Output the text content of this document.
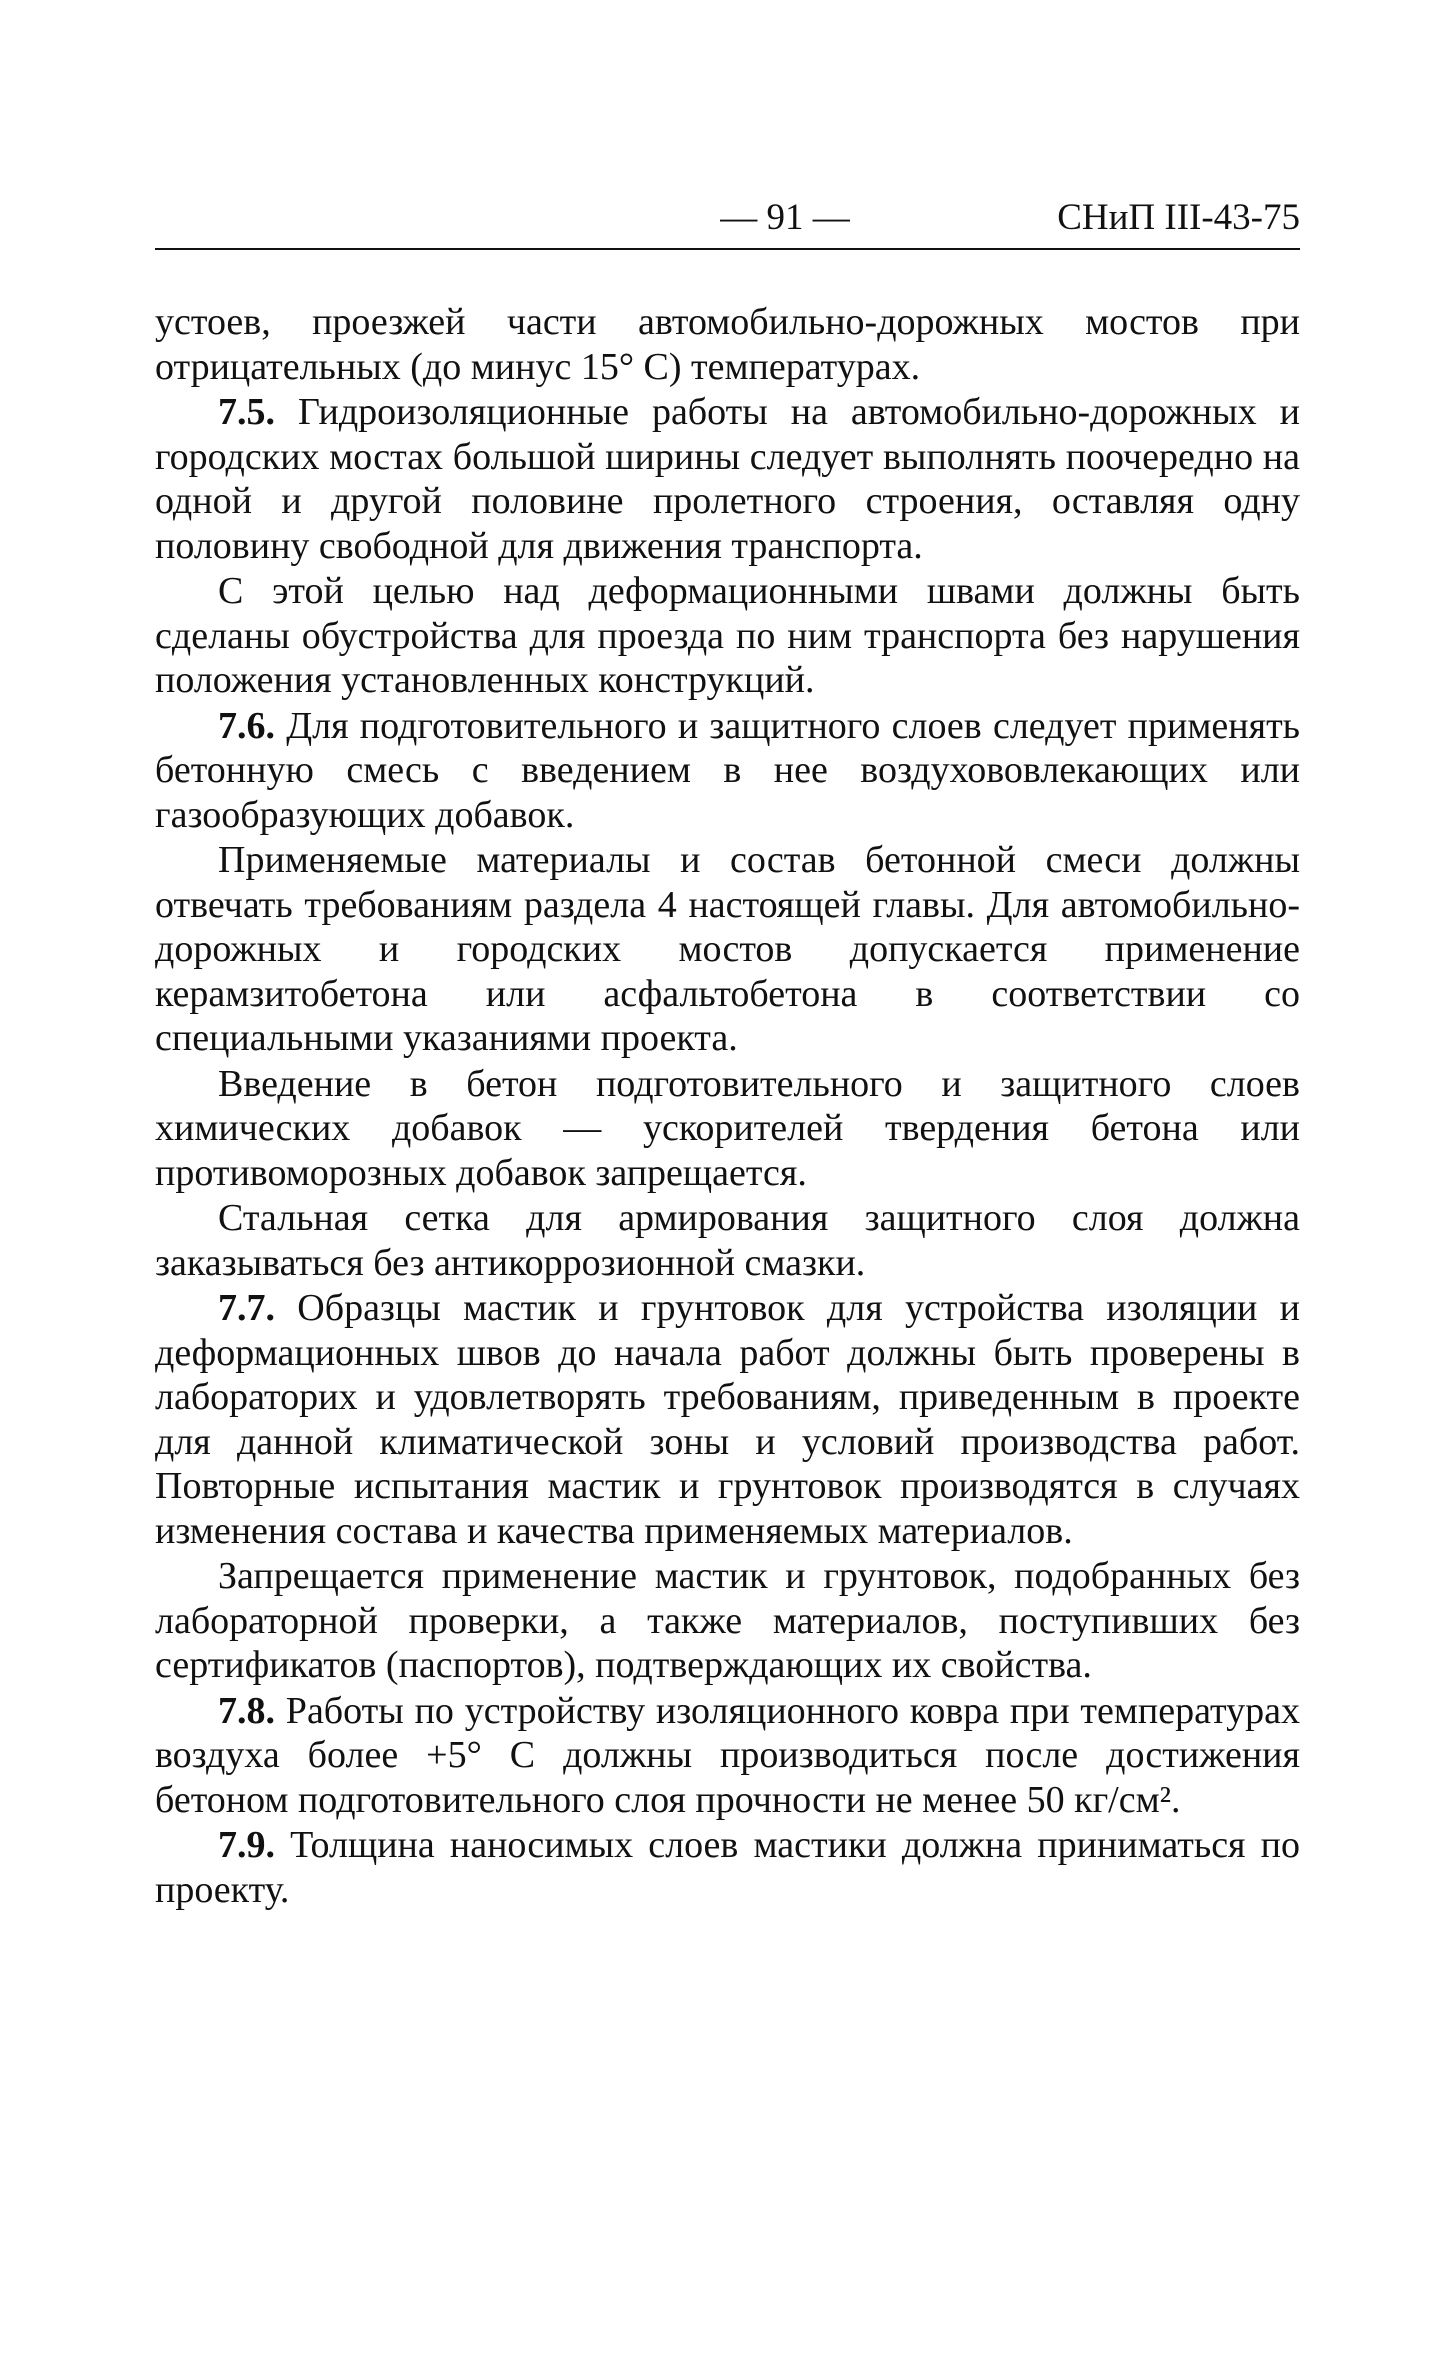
— 91 —	СНиП III-43-75

устоев, проезжей части автомобильно-дорожных мостов при отрицательных (до минус 15° С) температурах.

7.5. Гидроизоляционные работы на автомобильно-дорожных и городских мостах большой ширины следует выполнять поочередно на одной и другой половине пролетного строения, оставляя одну половину свободной для движения транспорта.

С этой целью над деформационными швами должны быть сделаны обустройства для проезда по ним транспорта без нарушения положения установленных конструкций.

7.6. Для подготовительного и защитного слоев следует применять бетонную смесь с введением в нее воздухововлекающих или газообразующих добавок.

Применяемые материалы и состав бетонной смеси должны отвечать требованиям раздела 4 настоящей главы. Для автомобильно-дорожных и городских мостов допускается применение керамзитобетона или асфальтобетона в соответствии со специальными указаниями проекта.

Введение в бетон подготовительного и защитного слоев химических добавок — ускорителей твердения бетона или противоморозных добавок запрещается.

Стальная сетка для армирования защитного слоя должна заказываться без антикоррозионной смазки.

7.7. Образцы мастик и грунтовок для устройства изоляции и деформационных швов до начала работ должны быть проверены в лабораторих и удовлетворять требованиям, приведенным в проекте для данной климатической зоны и условий производства работ. Повторные испытания мастик и грунтовок производятся в случаях изменения состава и качества применяемых материалов.

Запрещается применение мастик и грунтовок, подобранных без лабораторной проверки, а также материалов, поступивших без сертификатов (паспортов), подтверждающих их свойства.

7.8. Работы по устройству изоляционного ковра при температурах воздуха более +5° С должны производиться после достижения бетоном подготовительного слоя прочности не менее 50 кг/см².

7.9. Толщина наносимых слоев мастики должна приниматься по проекту.
